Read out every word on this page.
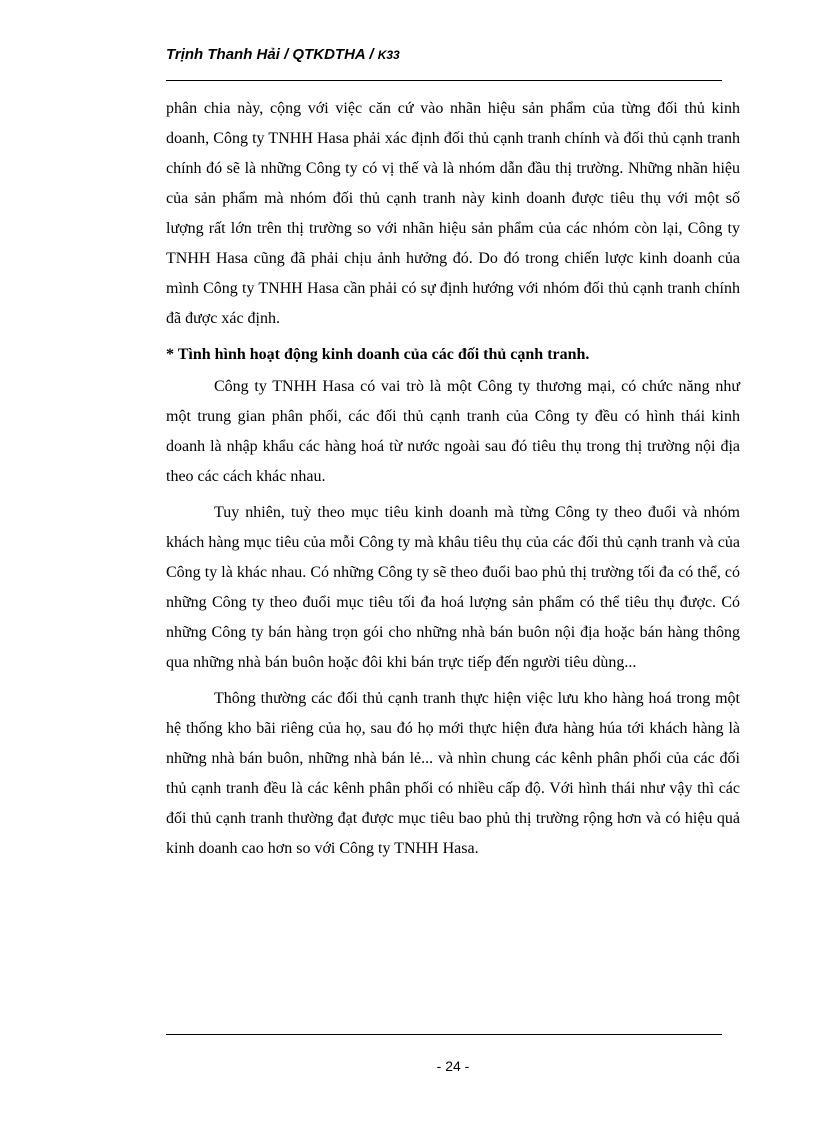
Trịnh Thanh Hải / QTKDTHA / K33

phân chia này, cộng với việc căn cứ vào nhãn hiệu sản phẩm của từng đối thủ kinh doanh, Công ty TNHH Hasa phải xác định đối thủ cạnh tranh chính và đối thủ cạnh tranh chính đó sẽ là những Công ty có vị thế và là nhóm dẫn đầu thị trường. Những nhãn hiệu của sản phẩm mà nhóm đối thủ cạnh tranh này kinh doanh được tiêu thụ với một số lượng rất lớn trên thị trường so với nhãn hiệu sản phẩm của các nhóm còn lại, Công ty TNHH Hasa cũng đã phải chịu ảnh hưởng đó. Do đó trong chiến lược kinh doanh của mình Công ty TNHH Hasa cần phải có sự định hướng với nhóm đối thủ cạnh tranh chính đã được xác định.

* Tình hình hoạt động kinh doanh của các đối thủ cạnh tranh.

Công ty TNHH Hasa có vai trò là một Công ty thương mại, có chức năng như một trung gian phân phối, các đối thủ cạnh tranh của Công ty đều có hình thái kinh doanh là nhập khẩu các hàng hoá từ nước ngoài sau đó tiêu thụ trong thị trường nội địa theo các cách khác nhau.

Tuy nhiên, tuỳ theo mục tiêu kinh doanh mà từng Công ty theo đuổi và nhóm khách hàng mục tiêu của mỗi Công ty mà khâu tiêu thụ của các đối thủ cạnh tranh và của Công ty là khác nhau. Có những Công ty sẽ theo đuổi bao phủ thị trường tối đa có thể, có những Công ty theo đuổi mục tiêu tối đa hoá lượng sản phẩm có thể tiêu thụ được. Có những Công ty bán hàng trọn gói cho những nhà bán buôn nội địa hoặc bán hàng thông qua những nhà bán buôn hoặc đôi khi bán trực tiếp đến người tiêu dùng...

Thông thường các đối thủ cạnh tranh thực hiện việc lưu kho hàng hoá trong một hệ thống kho bãi riêng của họ, sau đó họ mới thực hiện đưa hàng húa tới khách hàng là những nhà bán buôn, những nhà bán lẻ... và nhìn chung các kênh phân phối của các đối thủ cạnh tranh đều là các kênh phân phối có nhiều cấp độ. Với hình thái như vậy thì các đối thủ cạnh tranh thường đạt được mục tiêu bao phủ thị trường rộng hơn và có hiệu quả kinh doanh cao hơn so với Công ty TNHH Hasa.

- 24 -
